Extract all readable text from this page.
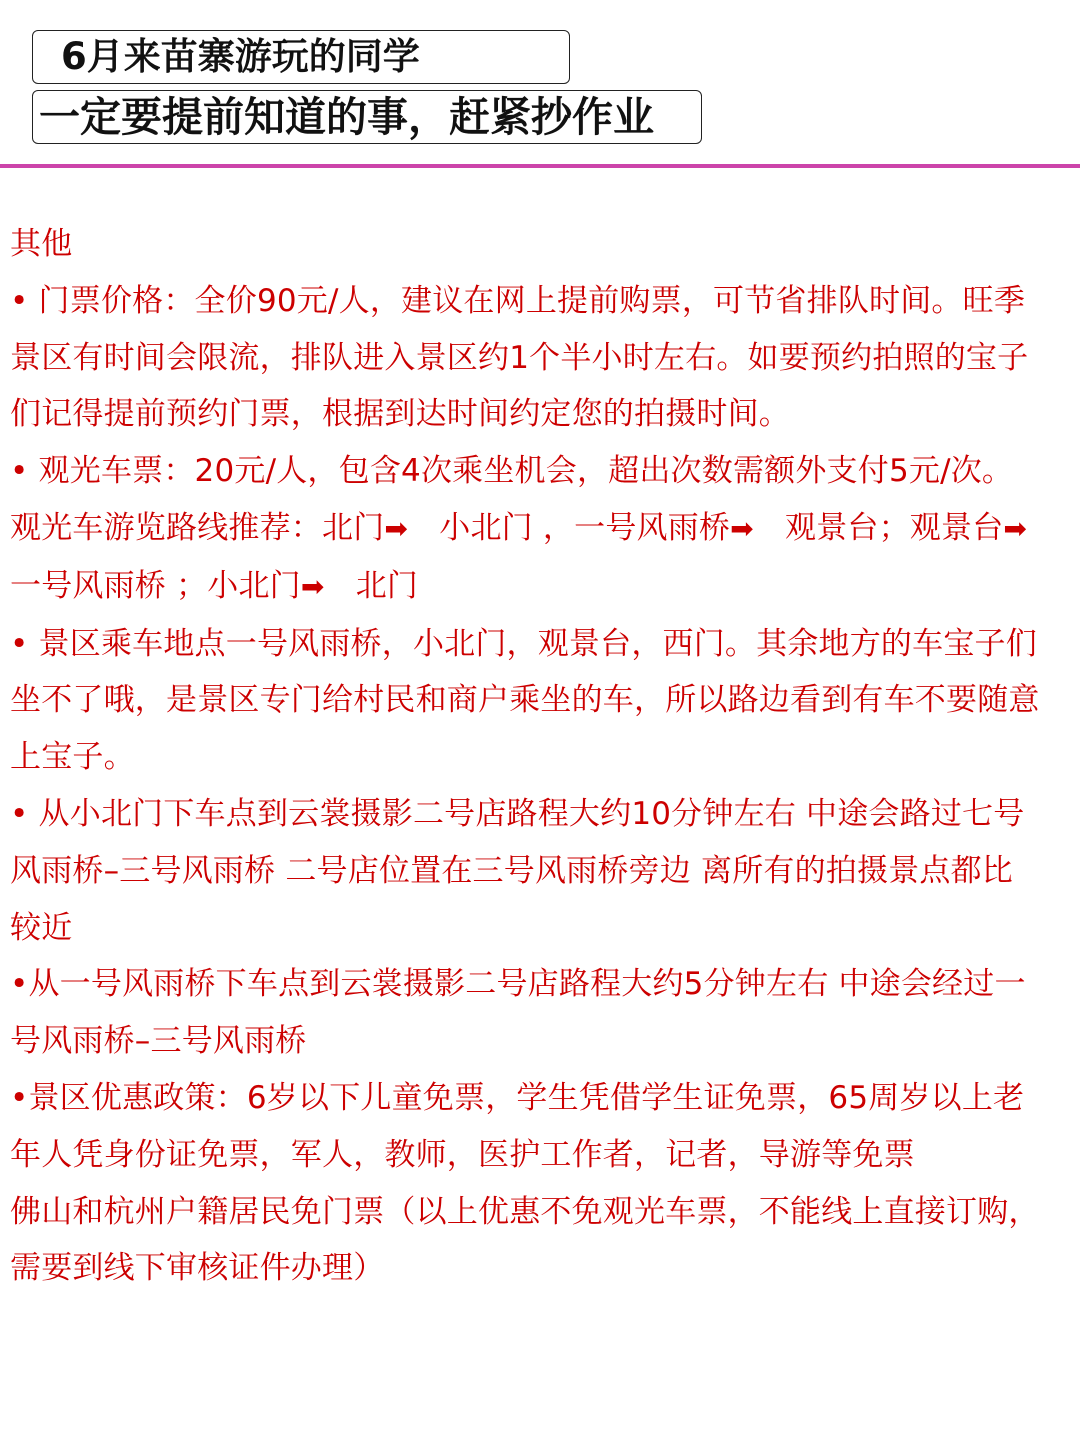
6月来苗寨游玩的同学
一定要提前知道的事，赶紧抄作业

其他

• 门票价格：全价90元/人，建议在网上提前购票，可节省排队时间。旺季景区有时间会限流，排队进入景区约1个半小时左右。如要预约拍照的宝子们记得提前预约门票，根据到达时间约定您的拍摄时间。

• 观光车票：20元/人，包含4次乘坐机会，超出次数需额外支付5元/次。观光车游览路线推荐：北门➡　小北门 ，一号风雨桥➡　观景台；观景台➡　一号风雨桥 ；小北门➡　北门

• 景区乘车地点一号风雨桥，小北门，观景台，西门。其余地方的车宝子们坐不了哦，是景区专门给村民和商户乘坐的车，所以路边看到有车不要随意上宝子。

• 从小北门下车点到云裳摄影二号店路程大约10分钟左右 中途会路过七号风雨桥–三号风雨桥 二号店位置在三号风雨桥旁边 离所有的拍摄景点都比较近

•从一号风雨桥下车点到云裳摄影二号店路程大约5分钟左右 中途会经过一号风雨桥–三号风雨桥

•景区优惠政策：6岁以下儿童免票，学生凭借学生证免票，65周岁以上老年人凭身份证免票，军人，教师，医护工作者，记者，导游等免票

佛山和杭州户籍居民免门票（以上优惠不免观光车票，不能线上直接订购，需要到线下审核证件办理）
